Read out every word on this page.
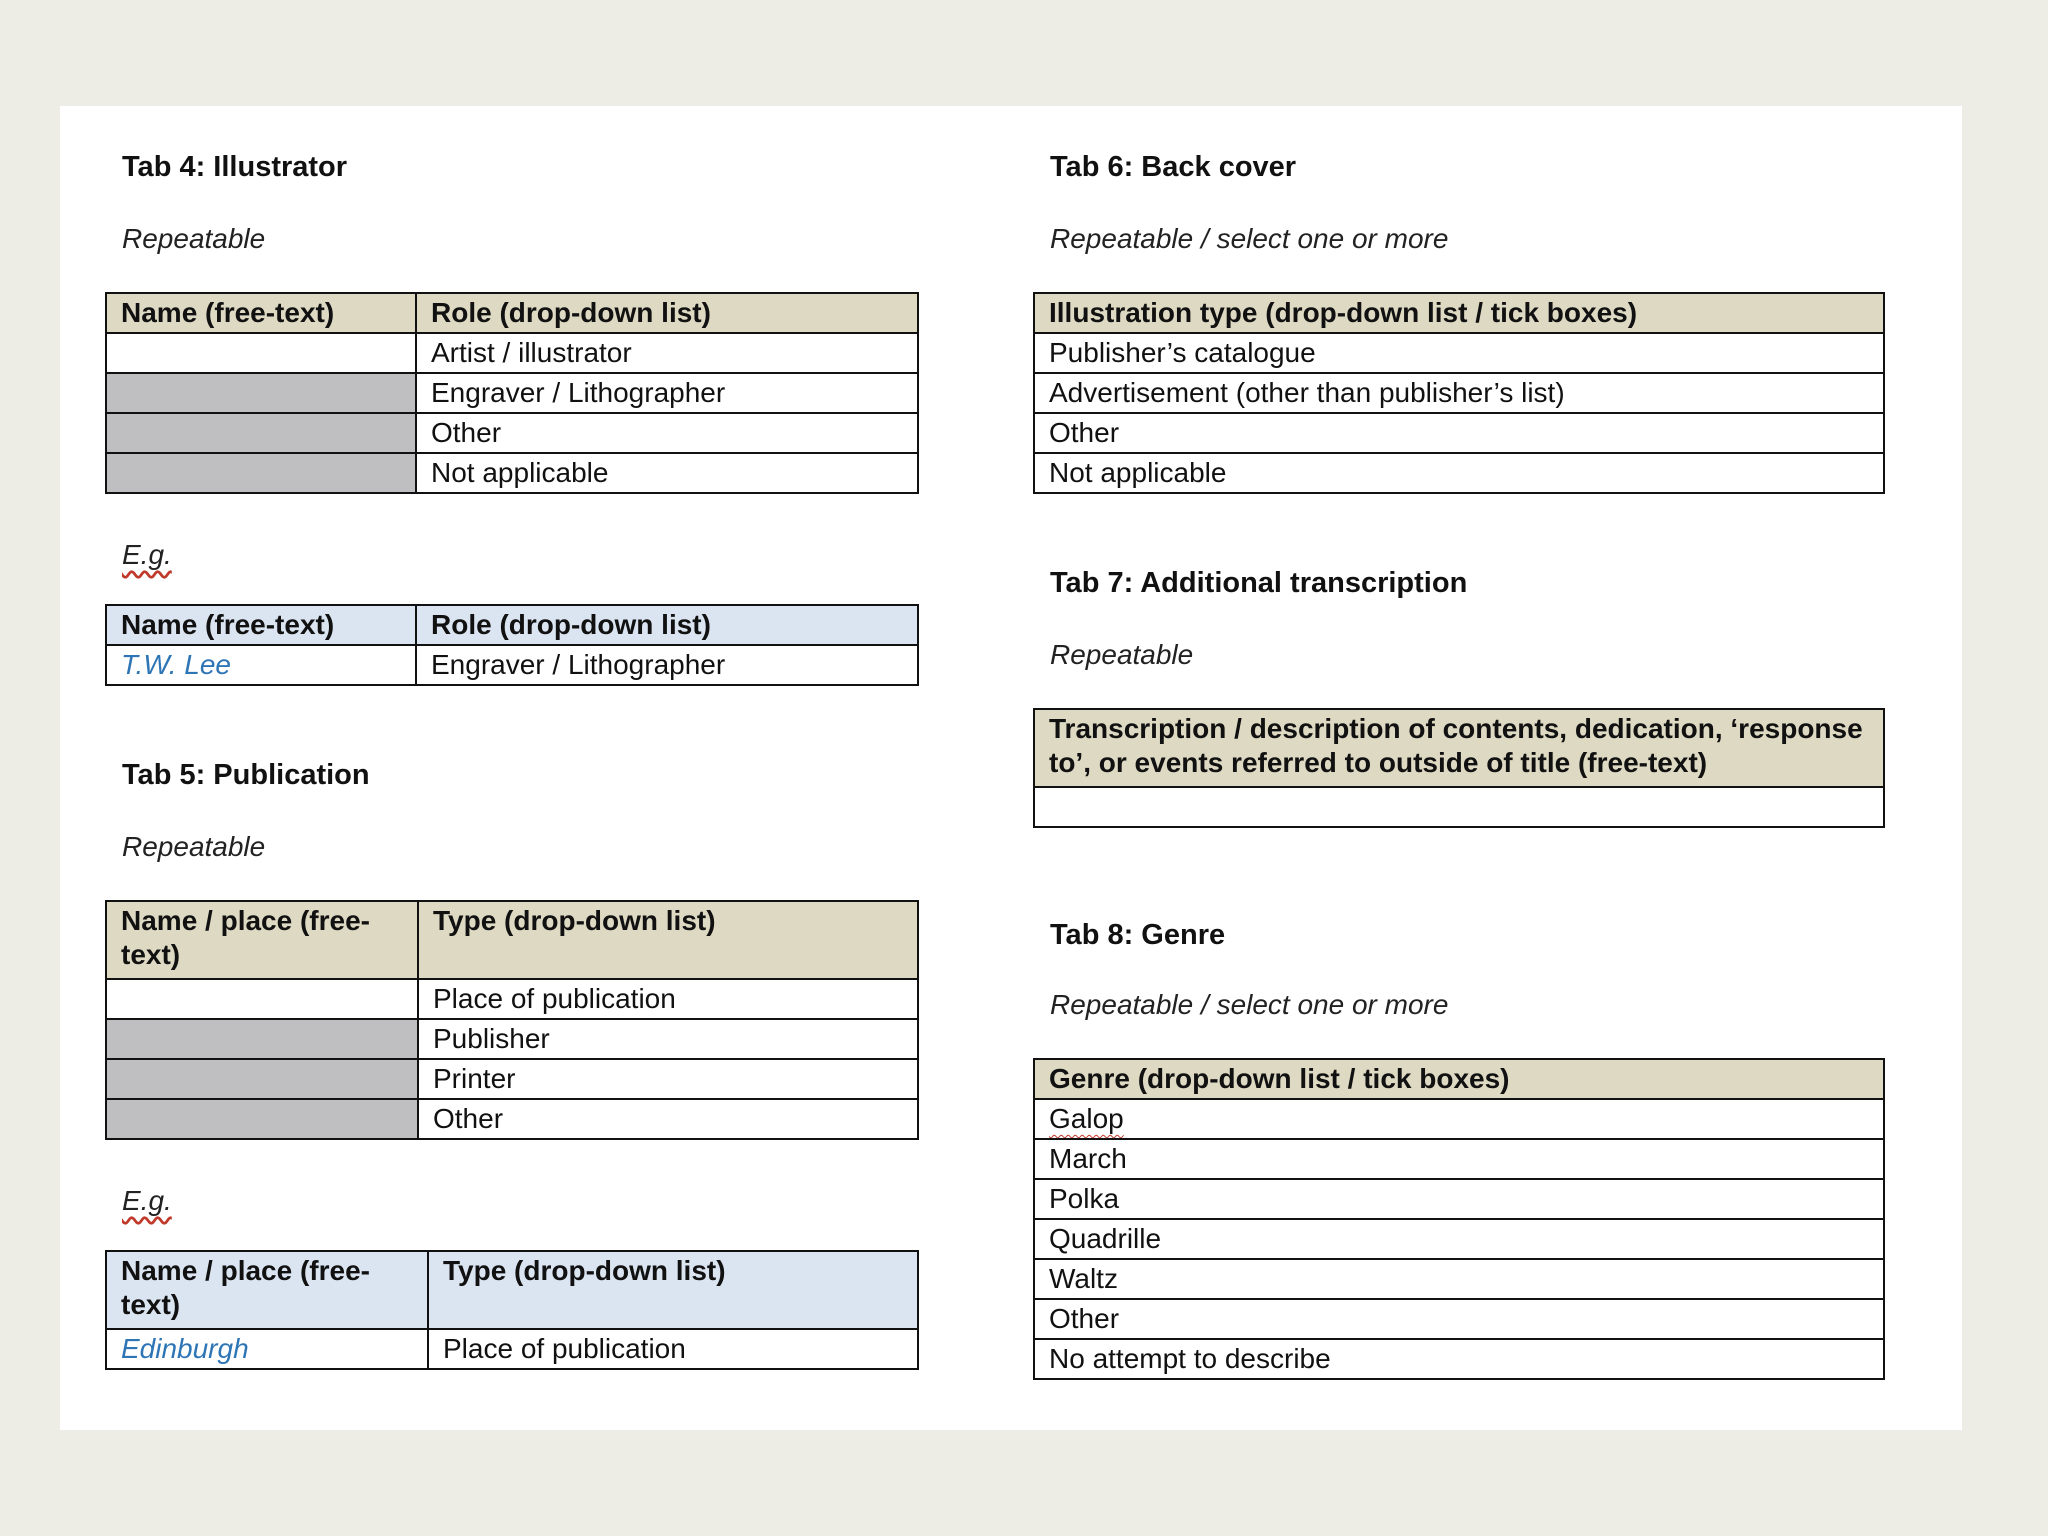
Tab 4: Illustrator

Repeatable

Name (free-text)	Role (drop-down list)
	Artist / illustrator
	Engraver / Lithographer
	Other
	Not applicable

E.g.

Name (free-text)	Role (drop-down list)
T.W. Lee	Engraver / Lithographer
Tab 5: Publication

Repeatable

Name / place (free-text)	Type (drop-down list)
	Place of publication
	Publisher
	Printer
	Other

E.g.

Name / place (free-text)	Type (drop-down list)
Edinburgh	Place of publication
Tab 6: Back cover

Repeatable / select one or more

Illustration type (drop-down list / tick boxes)
Publisher’s catalogue
Advertisement (other than publisher’s list)
Other
Not applicable
Tab 7: Additional transcription

Repeatable

Transcription / description of contents, dedication, ‘response to’, or events referred to outside of title (free-text)

Tab 8: Genre

Repeatable / select one or more

Genre (drop-down list / tick boxes)
Galop
March
Polka
Quadrille
Waltz
Other
No attempt to describe
